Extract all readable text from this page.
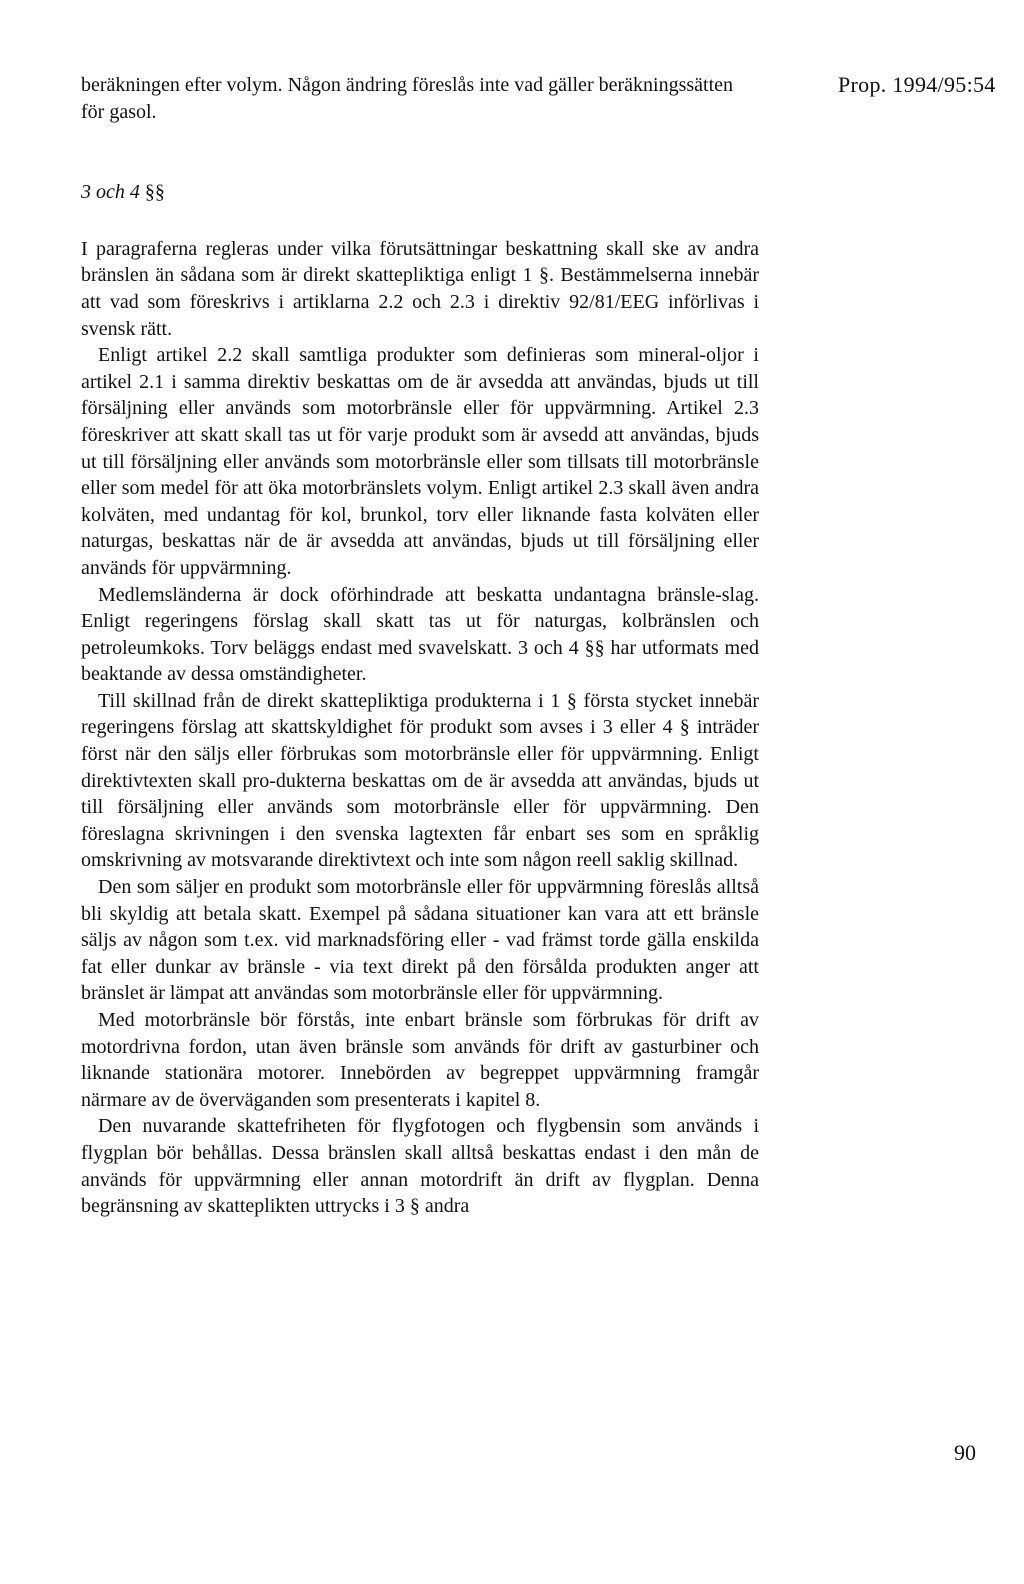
Prop. 1994/95:54

beräkningen efter volym. Någon ändring föreslås inte vad gäller beräkningssätten för gasol.

3 och 4 §§

I paragraferna regleras under vilka förutsättningar beskattning skall ske av andra bränslen än sådana som är direkt skattepliktiga enligt 1 §. Bestämmelserna innebär att vad som föreskrivs i artiklarna 2.2 och 2.3 i direktiv 92/81/EEG införlivas i svensk rätt.

Enligt artikel 2.2 skall samtliga produkter som definieras som mineral-oljor i artikel 2.1 i samma direktiv beskattas om de är avsedda att användas, bjuds ut till försäljning eller används som motorbränsle eller för uppvärmning. Artikel 2.3 föreskriver att skatt skall tas ut för varje produkt som är avsedd att användas, bjuds ut till försäljning eller används som motorbränsle eller som tillsats till motorbränsle eller som medel för att öka motorbränslets volym. Enligt artikel 2.3 skall även andra kolväten, med undantag för kol, brunkol, torv eller liknande fasta kolväten eller naturgas, beskattas när de är avsedda att användas, bjuds ut till försäljning eller används för uppvärmning.

Medlemsländerna är dock oförhindrade att beskatta undantagna bränsle-slag. Enligt regeringens förslag skall skatt tas ut för naturgas, kolbränslen och petroleumkoks. Torv beläggs endast med svavelskatt. 3 och 4 §§ har utformats med beaktande av dessa omständigheter.

Till skillnad från de direkt skattepliktiga produkterna i 1 § första stycket innebär regeringens förslag att skattskyldighet för produkt som avses i 3 eller 4 § inträder först när den säljs eller förbrukas som motorbränsle eller för uppvärmning. Enligt direktivtexten skall pro-dukterna beskattas om de är avsedda att användas, bjuds ut till försäljning eller används som motorbränsle eller för uppvärmning. Den föreslagna skrivningen i den svenska lagtexten får enbart ses som en språklig omskrivning av motsvarande direktivtext och inte som någon reell saklig skillnad.

Den som säljer en produkt som motorbränsle eller för uppvärmning föreslås alltså bli skyldig att betala skatt. Exempel på sådana situationer kan vara att ett bränsle säljs av någon som t.ex. vid marknadsföring eller - vad främst torde gälla enskilda fat eller dunkar av bränsle - via text direkt på den försålda produkten anger att bränslet är lämpat att användas som motorbränsle eller för uppvärmning.

Med motorbränsle bör förstås, inte enbart bränsle som förbrukas för drift av motordrivna fordon, utan även bränsle som används för drift av gasturbiner och liknande stationära motorer. Innebörden av begreppet uppvärmning framgår närmare av de överväganden som presenterats i kapitel 8.

Den nuvarande skattefriheten för flygfotogen och flygbensin som används i flygplan bör behållas. Dessa bränslen skall alltså beskattas endast i den mån de används för uppvärmning eller annan motordrift än drift av flygplan. Denna begränsning av skatteplikten uttrycks i 3 § andra

90
